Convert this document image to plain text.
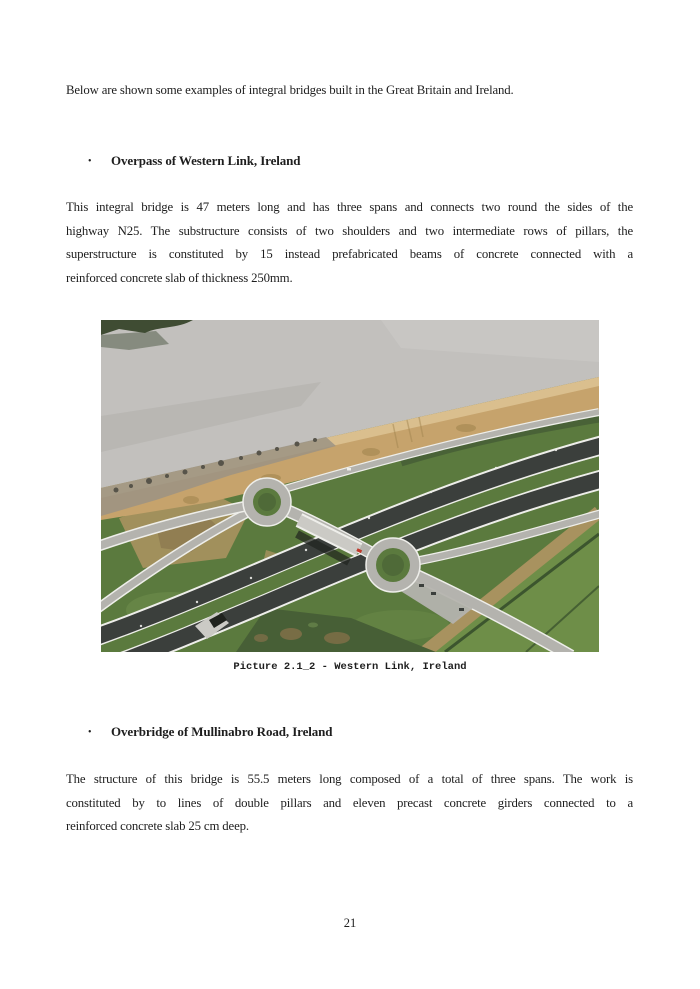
Below are shown some examples of integral bridges built in the Great Britain and Ireland.
• Overpass of Western Link, Ireland
This integral bridge is 47 meters long and has three spans and connects two round the sides of the
highway N25. The substructure consists of two shoulders and two intermediate rows of pillars, the
superstructure is constituted by 15 instead prefabricated beams of concrete connected with a
reinforced concrete slab of thickness 250mm.
Picture 2.1_2 - Western Link, Ireland
• Overbridge of Mullinabro Road, Ireland
The structure of this bridge is 55.5 meters long composed of a total of three spans. The work is
constituted by to lines of double pillars and eleven precast concrete girders connected to a
reinforced concrete slab 25 cm deep.
21
